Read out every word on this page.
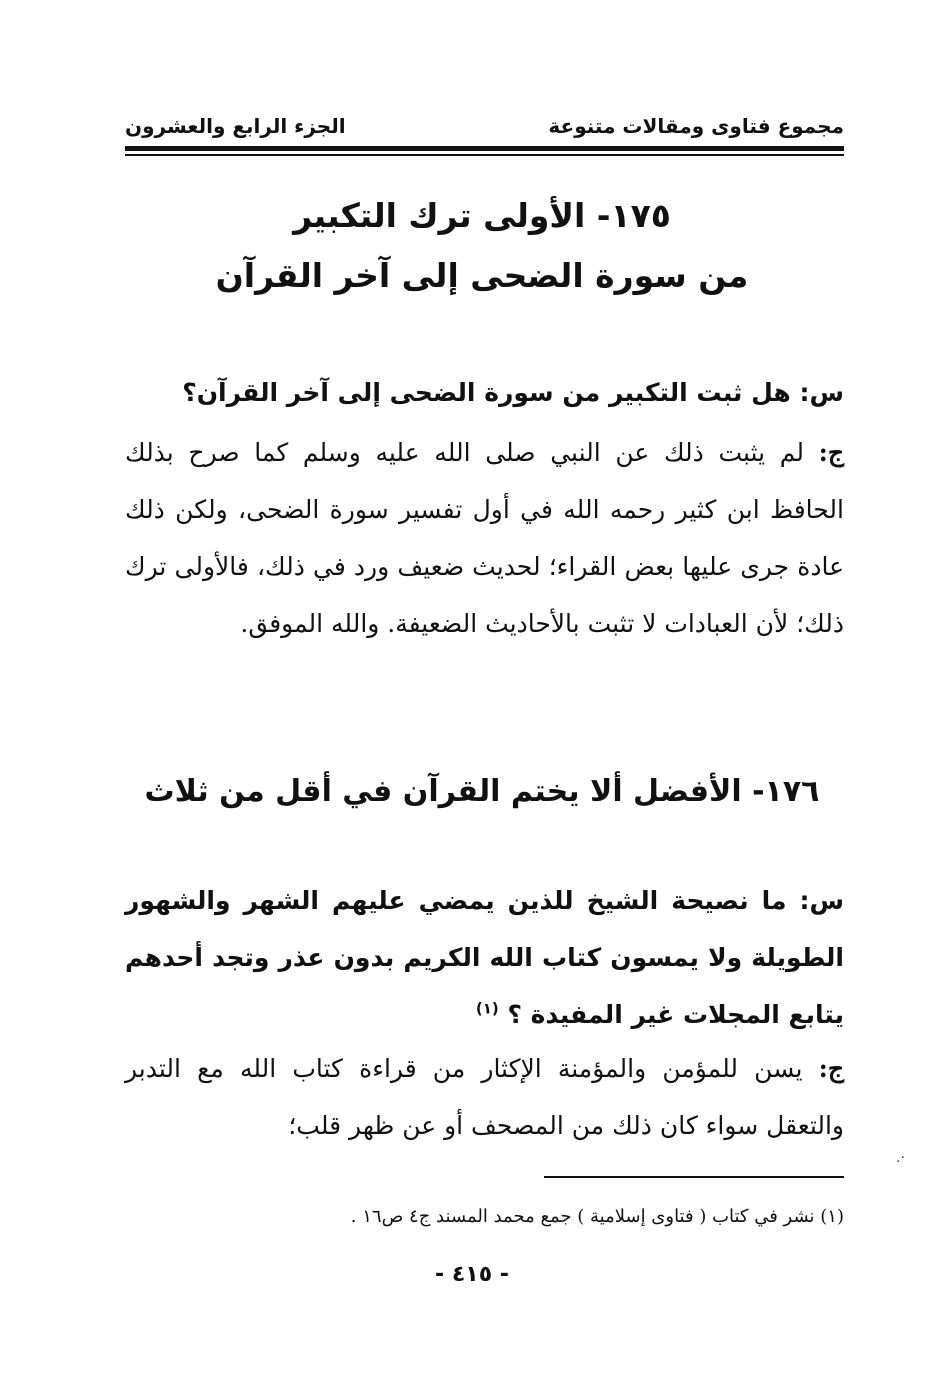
مجموع فتاوى ومقالات متنوعة
الجزء الرابع والعشرون
١٧٥- الأولى ترك التكبير
من سورة الضحى إلى آخر القرآن
س: هل ثبت التكبير من سورة الضحى إلى آخر القرآن؟
ج: لم يثبت ذلك عن النبي صلى الله عليه وسلم كما صرح بذلك الحافظ ابن كثير رحمه الله في أول تفسير سورة الضحى، ولكن ذلك عادة جرى عليها بعض القراء؛ لحديث ضعيف ورد في ذلك، فالأولى ترك ذلك؛ لأن العبادات لا تثبت بالأحاديث الضعيفة. والله الموفق.
١٧٦- الأفضل ألا يختم القرآن في أقل من ثلاث
س: ما نصيحة الشيخ للذين يمضي عليهم الشهر والشهور الطويلة ولا يمسون كتاب الله الكريم بدون عذر وتجد أحدهم يتابع المجلات غير المفيدة ؟ $^{(١)}$
ج: يسن للمؤمن والمؤمنة الإكثار من قراءة كتاب الله مع التدبر والتعقل سواء كان ذلك من المصحف أو عن ظهر قلب؛
(١) نشر في كتاب ( فتاوى إسلامية ) جمع محمد المسند ج٤ ص١٦ .
·.
- ٤١٥ -
